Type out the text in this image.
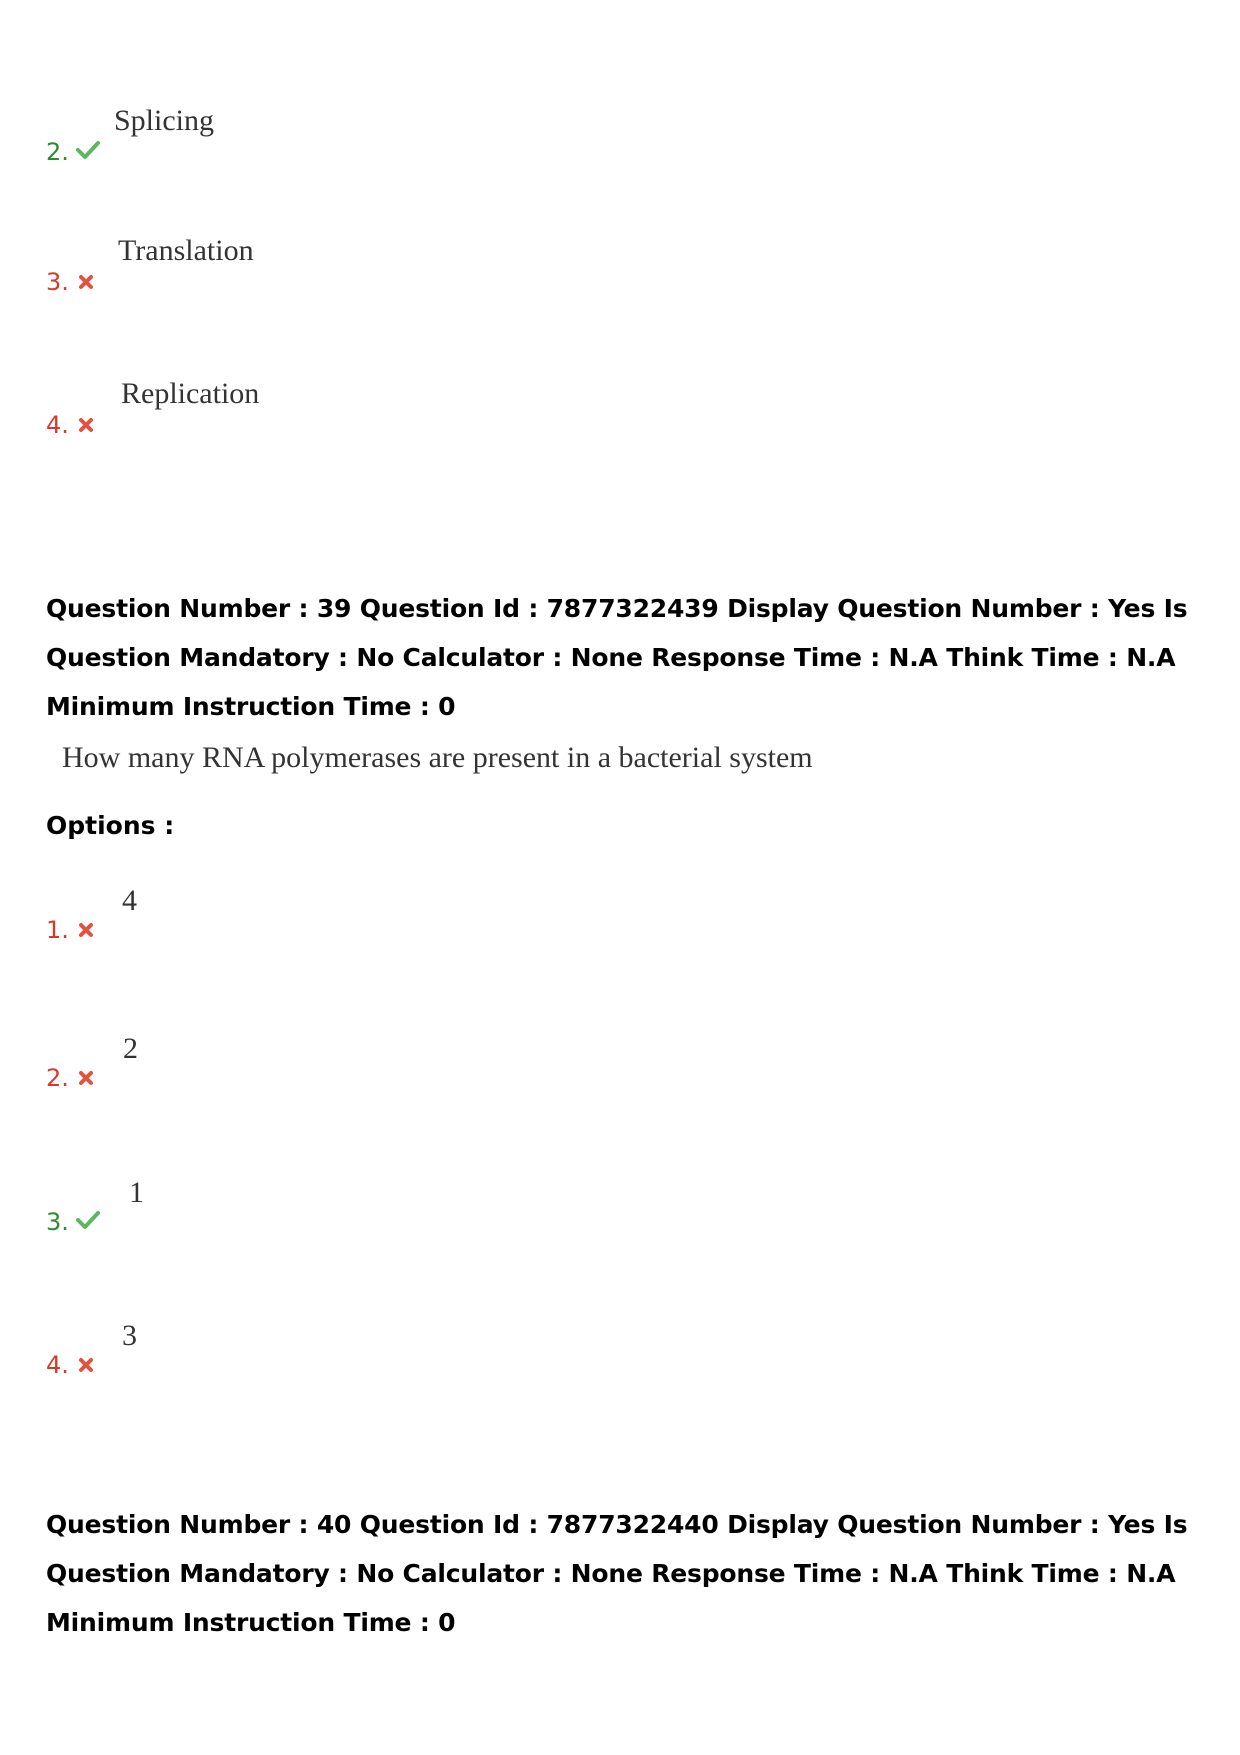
2.
Splicing
3.
Translation
4.
Replication
Question Number : 39 Question Id : 7877322439 Display Question Number : Yes Is Question Mandatory : No Calculator : None Response Time : N.A Think Time : N.A Minimum Instruction Time : 0
How many RNA polymerases are present in a bacterial system
Options :
1.
4
2.
2
3.
1
4.
3
Question Number : 40 Question Id : 7877322440 Display Question Number : Yes Is Question Mandatory : No Calculator : None Response Time : N.A Think Time : N.A Minimum Instruction Time : 0
